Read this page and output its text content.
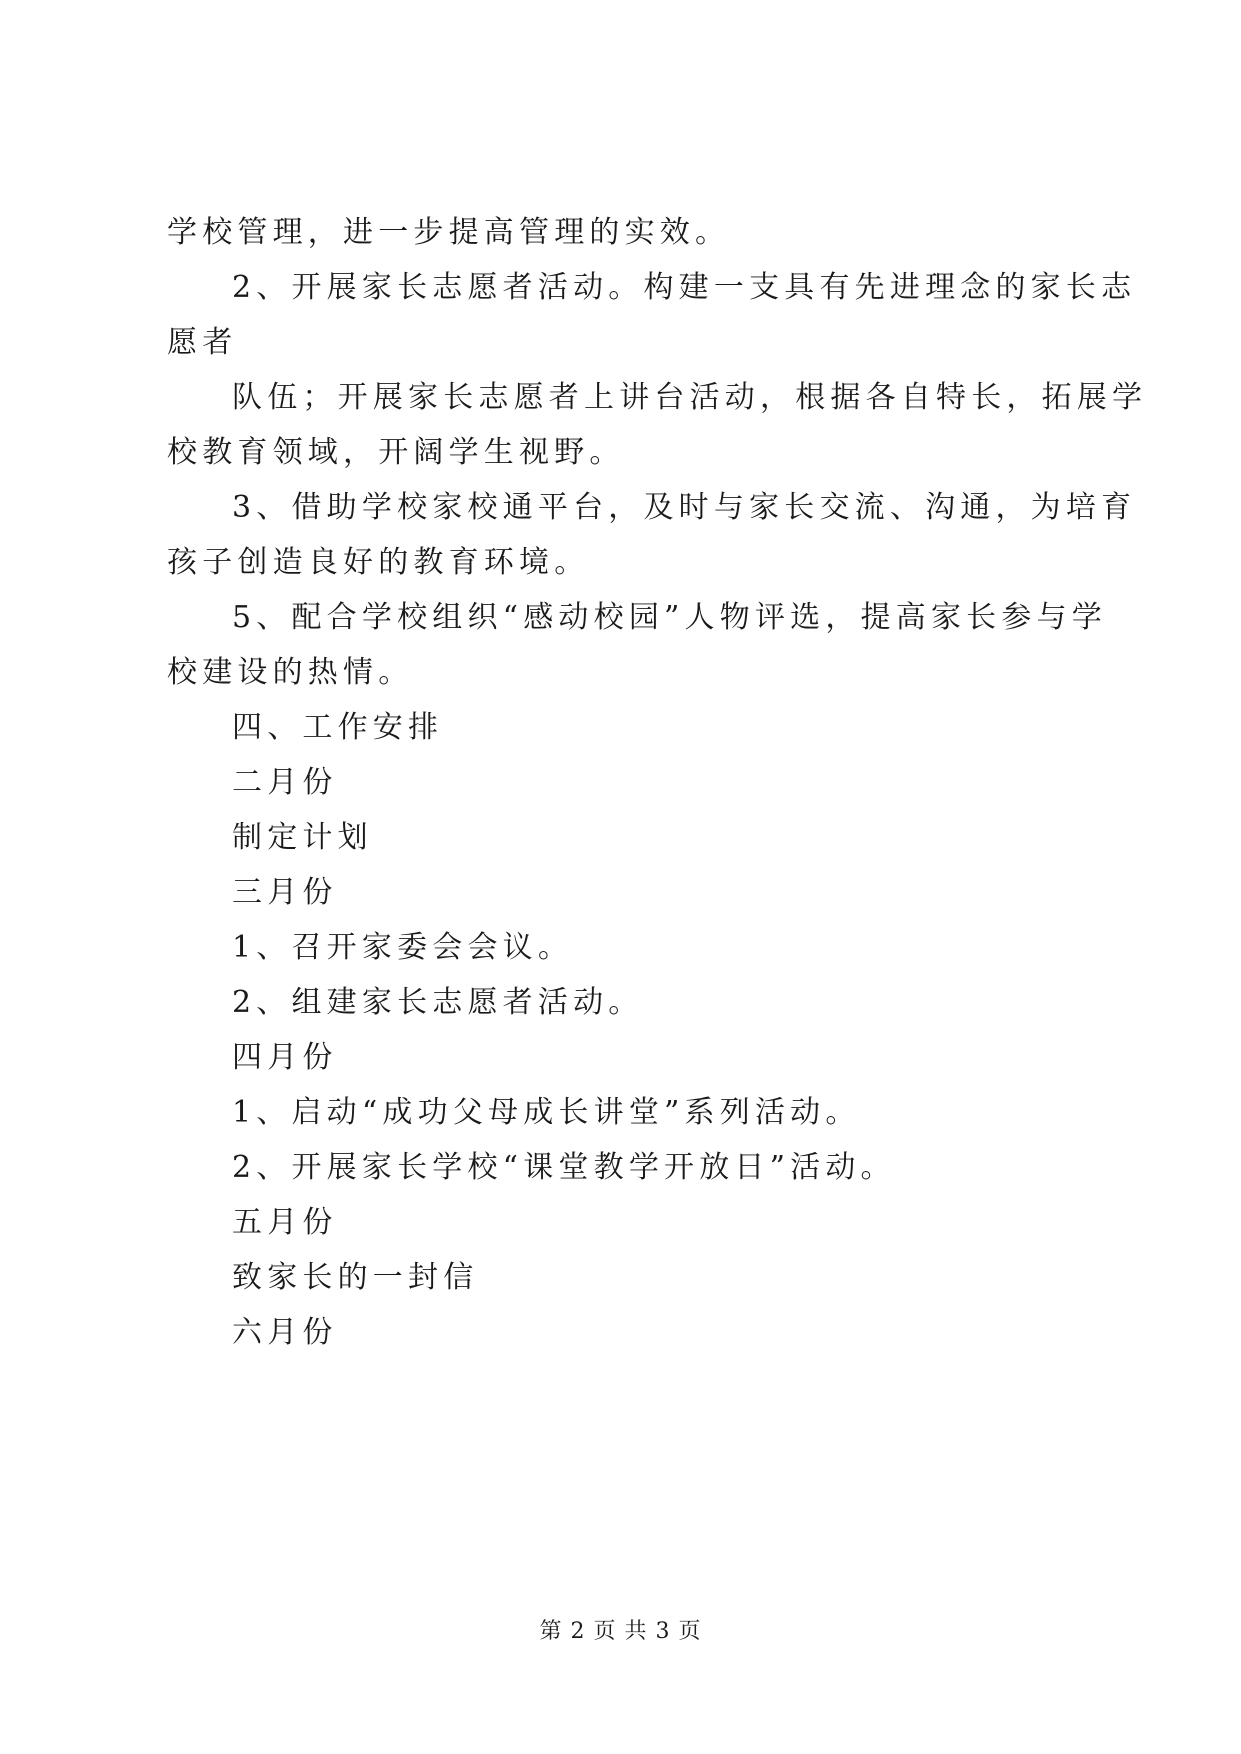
学校管理，进一步提高管理的实效。
2、开展家长志愿者活动。构建一支具有先进理念的家长志
愿者
队伍；开展家长志愿者上讲台活动，根据各自特长，拓展学
校教育领域，开阔学生视野。
3、借助学校家校通平台，及时与家长交流、沟通，为培育
孩子创造良好的教育环境。
5、配合学校组织“感动校园”人物评选，提高家长参与学
校建设的热情。
四、工作安排
二月份
制定计划
三月份
1、召开家委会会议。
2、组建家长志愿者活动。
四月份
1、启动“成功父母成长讲堂”系列活动。
2、开展家长学校“课堂教学开放日”活动。
五月份
致家长的一封信
六月份
第 2 页 共 3 页
